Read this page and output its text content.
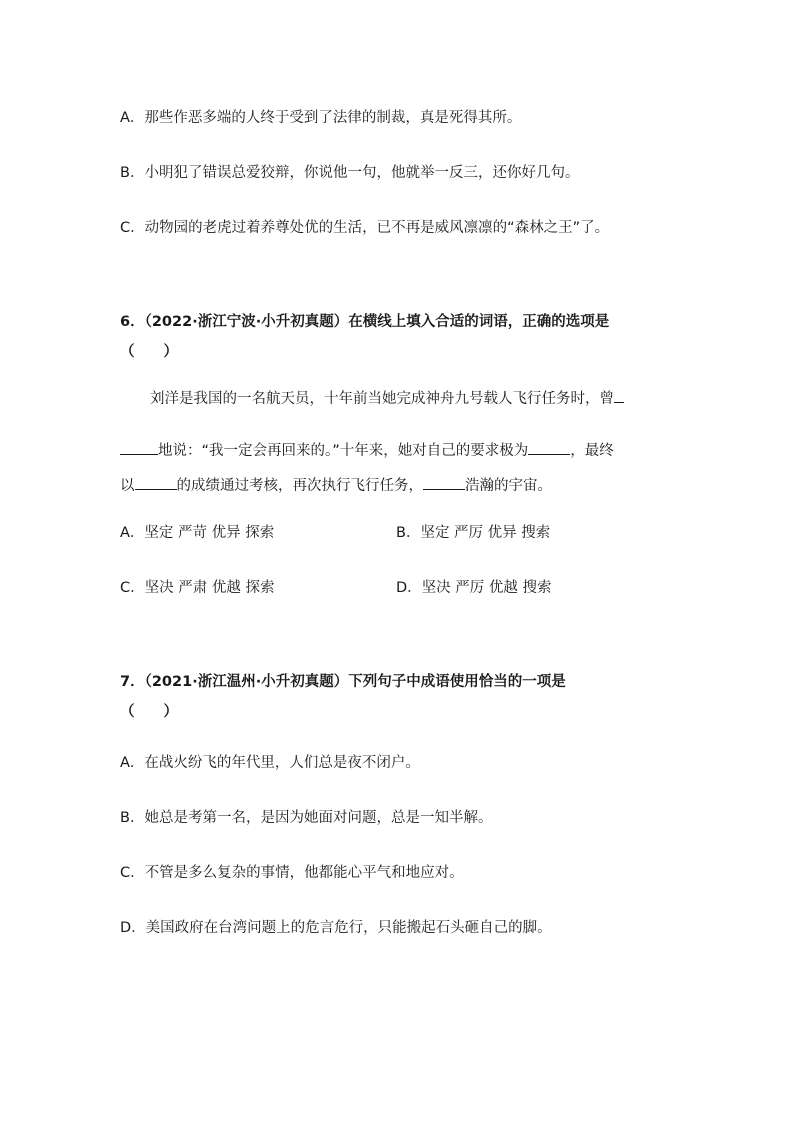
A．那些作恶多端的人终于受到了法律的制裁，真是死得其所。
B．小明犯了错误总爱狡辩，你说他一句，他就举一反三，还你好几句。
C．动物园的老虎过着养尊处优的生活，已不再是威风凛凛的“森林之王”了。
6．（2022·浙江宁波·小升初真题）在横线上填入合适的词语，正确的选项是
（　　）
刘洋是我国的一名航天员，十年前当她完成神舟九号载人飞行任务时，曾
地说：“我一定会再回来的。”十年来，她对自己的要求极为	，最终
以	的成绩通过考核，再次执行飞行任务，	浩瀚的宇宙。
A．坚定 严苛 优异 探索	B．坚定 严厉 优异 搜索
C．坚决 严肃 优越 探索	D．坚决 严厉 优越 搜索
7．（2021·浙江温州·小升初真题）下列句子中成语使用恰当的一项是
（　　）
A．在战火纷飞的年代里，人们总是夜不闭户。
B．她总是考第一名，是因为她面对问题，总是一知半解。
C．不管是多么复杂的事情，他都能心平气和地应对。
D．美国政府在台湾问题上的危言危行，只能搬起石头砸自己的脚。
